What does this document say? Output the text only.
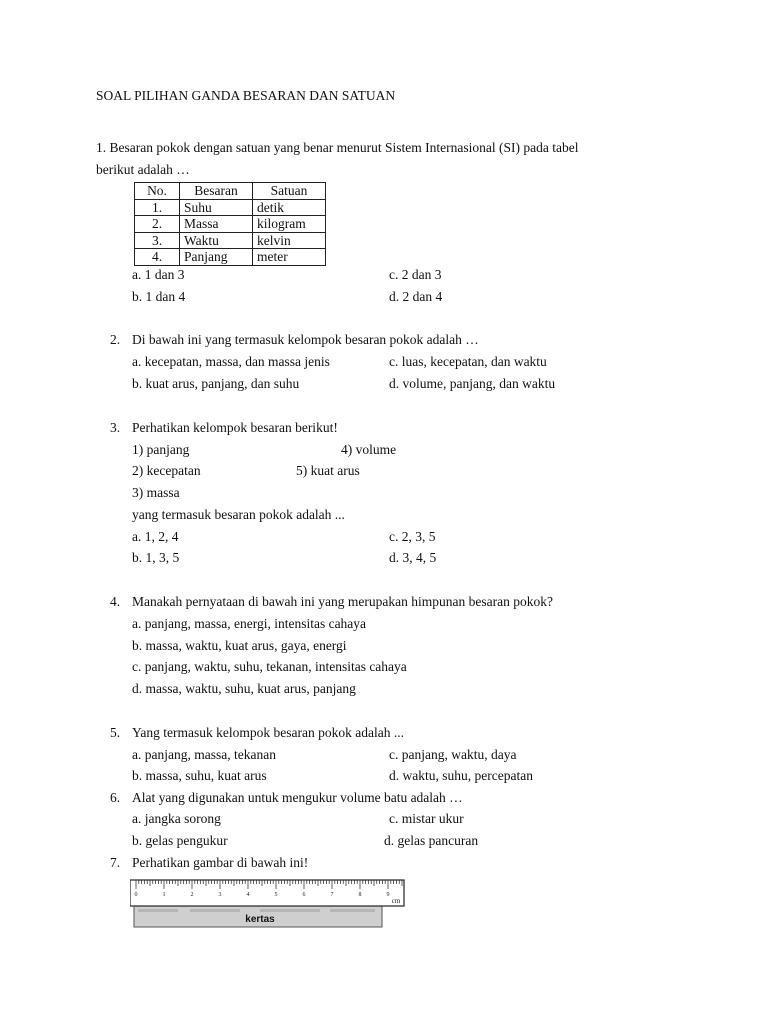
SOAL PILIHAN GANDA BESARAN DAN SATUAN
1. Besaran pokok dengan satuan yang benar menurut Sistem Internasional (SI) pada tabel
berikut adalah …
No.	Besaran	Satuan
1.	Suhu	detik
2.	Massa	kilogram
3.	Waktu	kelvin
4.	Panjang	meter
a. 1 dan 3	c. 2 dan 3
b. 1 dan 4	d. 2 dan 4
2. Di bawah ini yang termasuk kelompok besaran pokok adalah …
a. kecepatan, massa, dan massa jenis	c. luas, kecepatan, dan waktu
b. kuat arus, panjang, dan suhu	d. volume, panjang, dan waktu
3. Perhatikan kelompok besaran berikut!
1) panjang	4) volume
2) kecepatan	5) kuat arus
3) massa
yang termasuk besaran pokok adalah ...
a. 1, 2, 4	c. 2, 3, 5
b. 1, 3, 5	d. 3, 4, 5
4. Manakah pernyataan di bawah ini yang merupakan himpunan besaran pokok?
a. panjang, massa, energi, intensitas cahaya
b. massa, waktu, kuat arus, gaya, energi
c. panjang, waktu, suhu, tekanan, intensitas cahaya
d. massa, waktu, suhu, kuat arus, panjang
5. Yang termasuk kelompok besaran pokok adalah ...
a. panjang, massa, tekanan	c. panjang, waktu, daya
b. massa, suhu, kuat arus	d. waktu, suhu, percepatan
6. Alat yang digunakan untuk mengukur volume batu adalah …
a. jangka sorong	c. mistar ukur
b. gelas pengukur	d. gelas pancuran
7. Perhatikan gambar di bawah ini!
kertas
0	1	2	3	4	5	6	7	8	9
cm
